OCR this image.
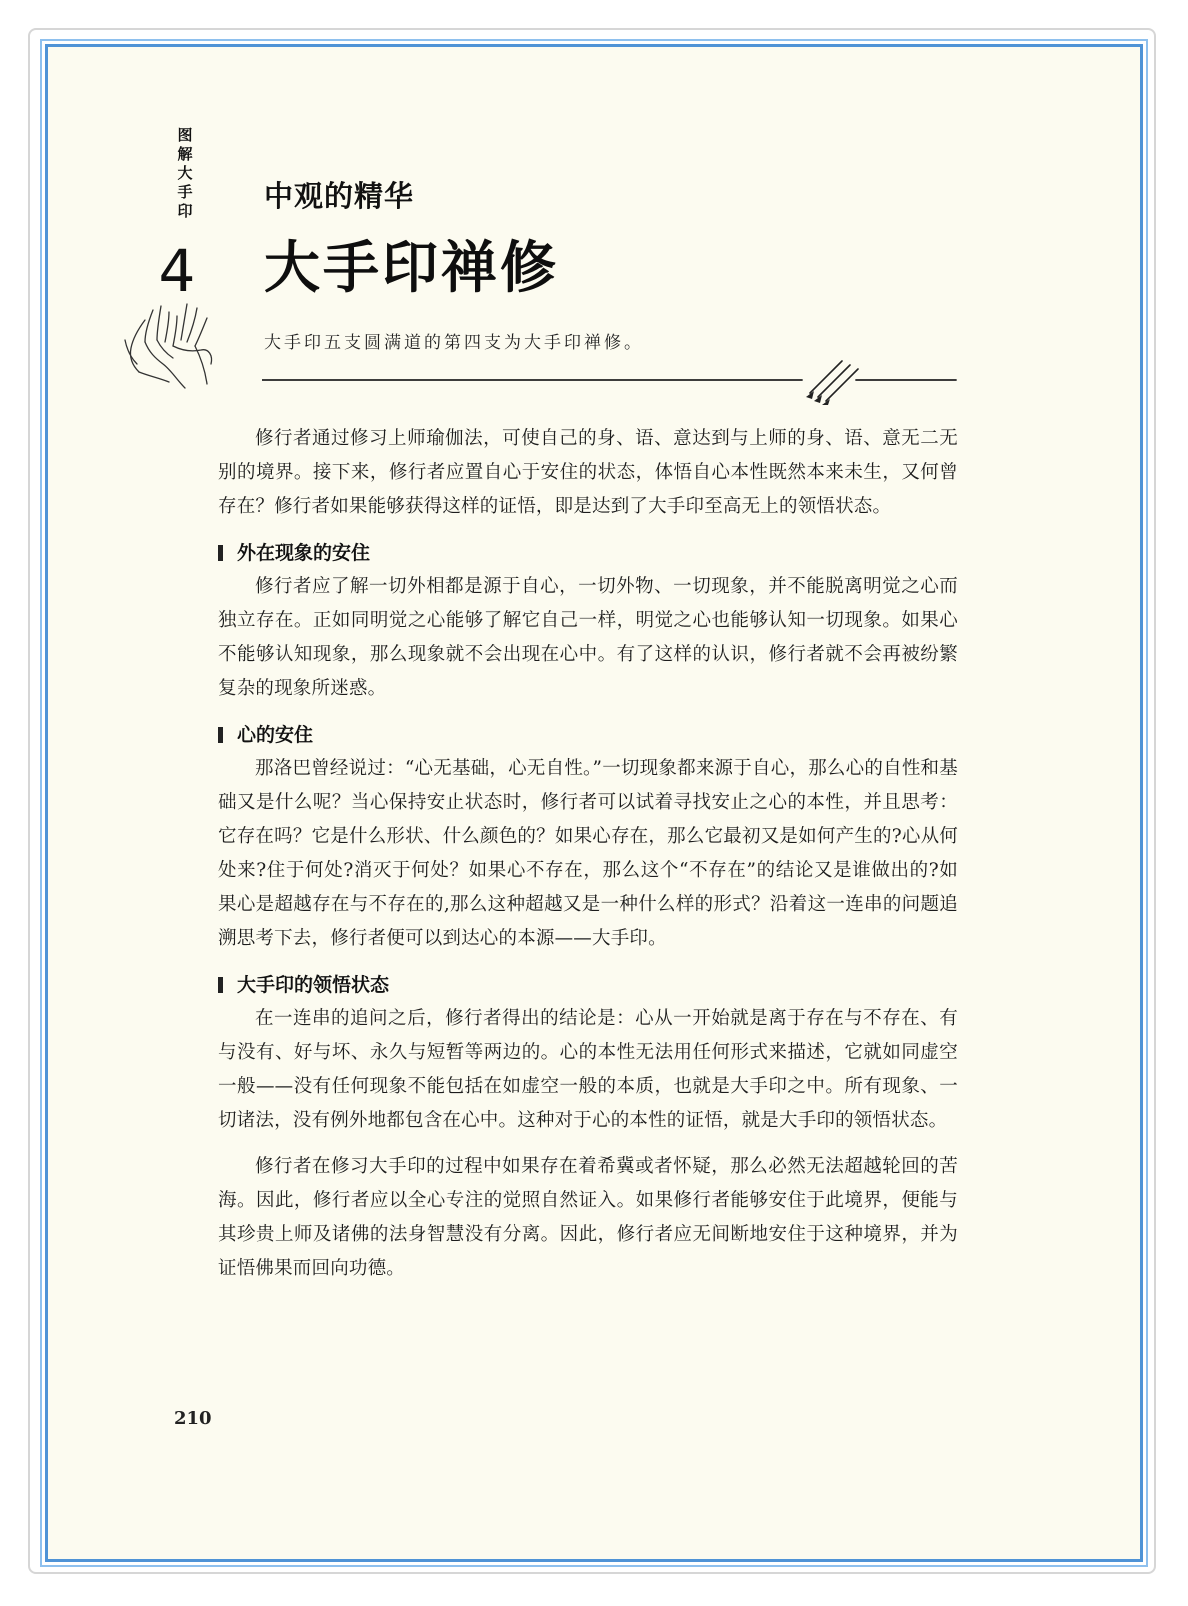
图
解
大
手
印
4
中观的精华
大手印禅修
大手印五支圆满道的第四支为大手印禅修。

修行者通过修习上师瑜伽法，可使自己的身、语、意达到与上师的身、语、意无二无别的境界。接下来，修行者应置自心于安住的状态，体悟自心本性既然本来未生，又何曾存在？修行者如果能够获得这样的证悟，即是达到了大手印至高无上的领悟状态。

外在现象的安住

修行者应了解一切外相都是源于自心，一切外物、一切现象，并不能脱离明觉之心而独立存在。正如同明觉之心能够了解它自己一样，明觉之心也能够认知一切现象。如果心不能够认知现象，那么现象就不会出现在心中。有了这样的认识，修行者就不会再被纷繁复杂的现象所迷惑。

心的安住

那洛巴曾经说过：“心无基础，心无自性。”一切现象都来源于自心，那么心的自性和基础又是什么呢？当心保持安止状态时，修行者可以试着寻找安止之心的本性，并且思考：它存在吗？它是什么形状、什么颜色的？如果心存在，那么它最初又是如何产生的?心从何处来?住于何处?消灭于何处？如果心不存在，那么这个“不存在”的结论又是谁做出的?如果心是超越存在与不存在的,那么这种超越又是一种什么样的形式？沿着这一连串的问题追溯思考下去，修行者便可以到达心的本源——大手印。

大手印的领悟状态

在一连串的追问之后，修行者得出的结论是：心从一开始就是离于存在与不存在、有与没有、好与坏、永久与短暂等两边的。心的本性无法用任何形式来描述，它就如同虚空一般——没有任何现象不能包括在如虚空一般的本质，也就是大手印之中。所有现象、一切诸法，没有例外地都包含在心中。这种对于心的本性的证悟，就是大手印的领悟状态。

修行者在修习大手印的过程中如果存在着希冀或者怀疑，那么必然无法超越轮回的苦海。因此，修行者应以全心专注的觉照自然证入。如果修行者能够安住于此境界，便能与其珍贵上师及诸佛的法身智慧没有分离。因此，修行者应无间断地安住于这种境界，并为证悟佛果而回向功德。

210
